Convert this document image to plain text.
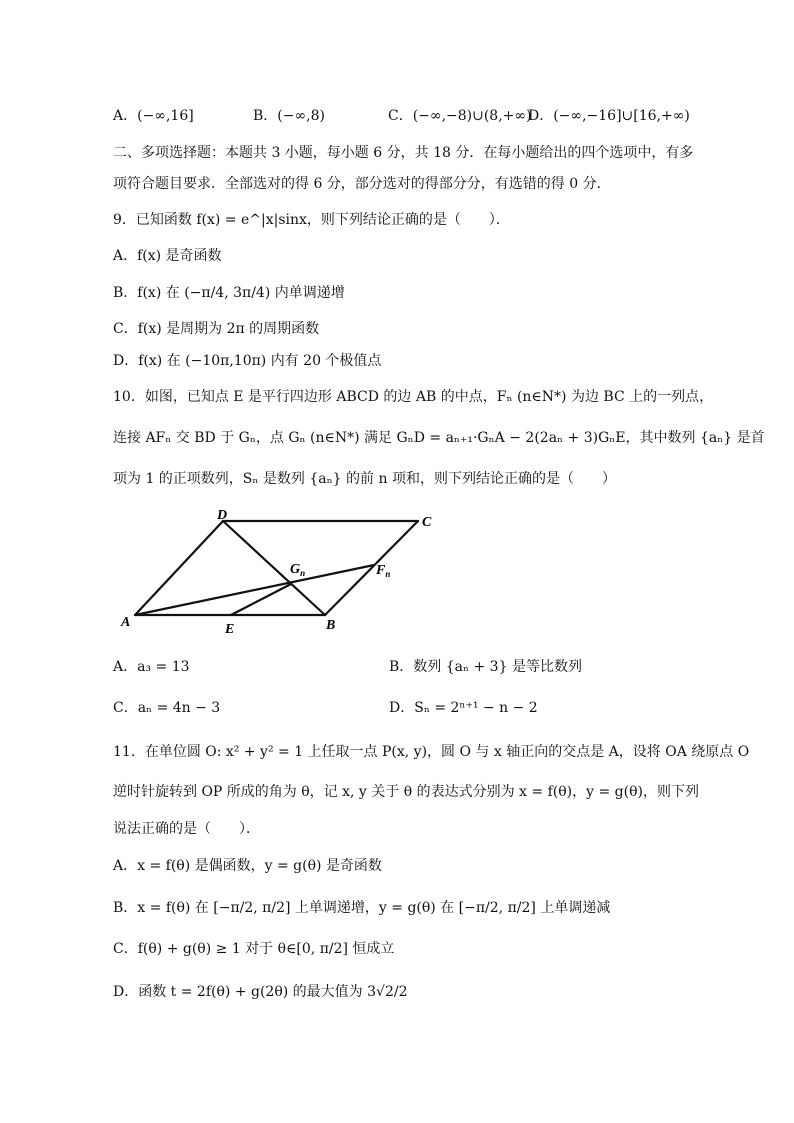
A．(−∞,16]	B．(−∞,8)	C．(−∞,−8)∪(8,+∞)
D．(−∞,−16]∪[16,+∞)
二、多项选择题：本题共 3 小题，每小题 6 分，共 18 分．在每小题给出的四个选项中，有多
项符合题目要求．全部选对的得 6 分，部分选对的得部分分，有选错的得 0 分．
9．已知函数 f(x) = e^|x|sinx，则下列结论正确的是（　　）．
A．f(x) 是奇函数
B．f(x) 在 (−π/4, 3π/4) 内单调递增
C．f(x) 是周期为 2π 的周期函数
D．f(x) 在 (−10π,10π) 内有 20 个极值点
10．如图，已知点 E 是平行四边形 ABCD 的边 AB 的中点，Fₙ (n∈N*) 为边 BC 上的一列点，
连接 AFₙ 交 BD 于 Gₙ，点 Gₙ (n∈N*) 满足 GₙD = aₙ₊₁·GₙA − 2(2aₙ + 3)GₙE，其中数列 {aₙ} 是首
项为 1 的正项数列，Sₙ 是数列 {aₙ} 的前 n 项和，则下列结论正确的是（　　）
D	C
A	B
E
$G_n$	$F_n$
A．a₃ = 13	B．数列 {aₙ + 3} 是等比数列
C．aₙ = 4n − 3	D．Sₙ = 2ⁿ⁺¹ − n − 2
11．在单位圆 O: x² + y² = 1 上任取一点 P(x, y)，圆 O 与 x 轴正向的交点是 A，设将 OA 绕原点 O
逆时针旋转到 OP 所成的角为 θ，记 x, y 关于 θ 的表达式分别为 x = f(θ)，y = g(θ)，则下列
说法正确的是（　　）．
A．x = f(θ) 是偶函数，y = g(θ) 是奇函数
B．x = f(θ) 在 [−π/2, π/2] 上单调递增，y = g(θ) 在 [−π/2, π/2] 上单调递减
C．f(θ) + g(θ) ≥ 1 对于 θ∈[0, π/2] 恒成立
D．函数 t = 2f(θ) + g(2θ) 的最大值为 3√2/2
